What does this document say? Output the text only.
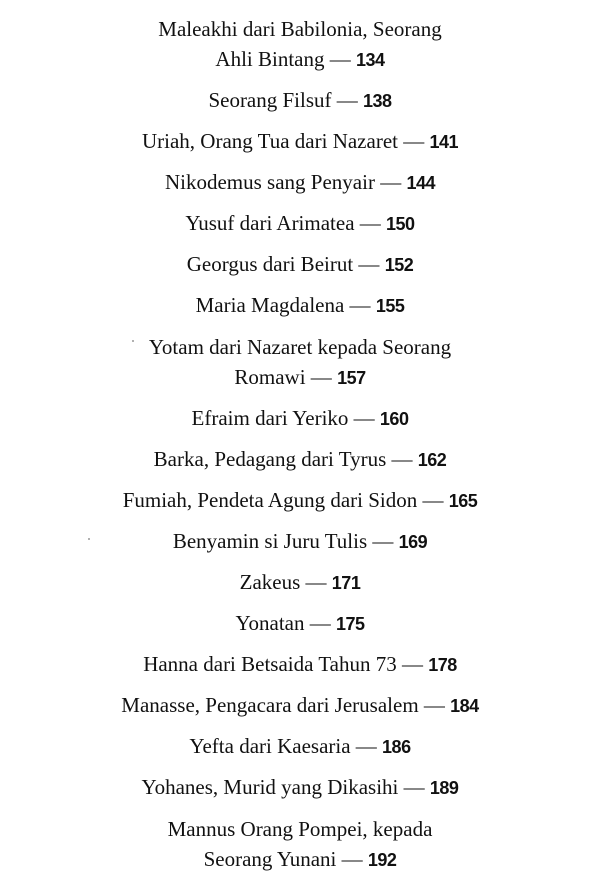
Maleakhi dari Babilonia, Seorang
Ahli Bintang — 134
Seorang Filsuf — 138
Uriah, Orang Tua dari Nazaret — 141
Nikodemus sang Penyair — 144
Yusuf dari Arimatea — 150
Georgus dari Beirut — 152
Maria Magdalena — 155
Yotam dari Nazaret kepada Seorang
Romawi — 157
Efraim dari Yeriko — 160
Barka, Pedagang dari Tyrus — 162
Fumiah, Pendeta Agung dari Sidon — 165
Benyamin si Juru Tulis — 169
Zakeus — 171
Yonatan — 175
Hanna dari Betsaida Tahun 73 — 178
Manasse, Pengacara dari Jerusalem — 184
Yefta dari Kaesaria — 186
Yohanes, Murid yang Dikasihi — 189
Mannus Orang Pompei, kepada
Seorang Yunani — 192
